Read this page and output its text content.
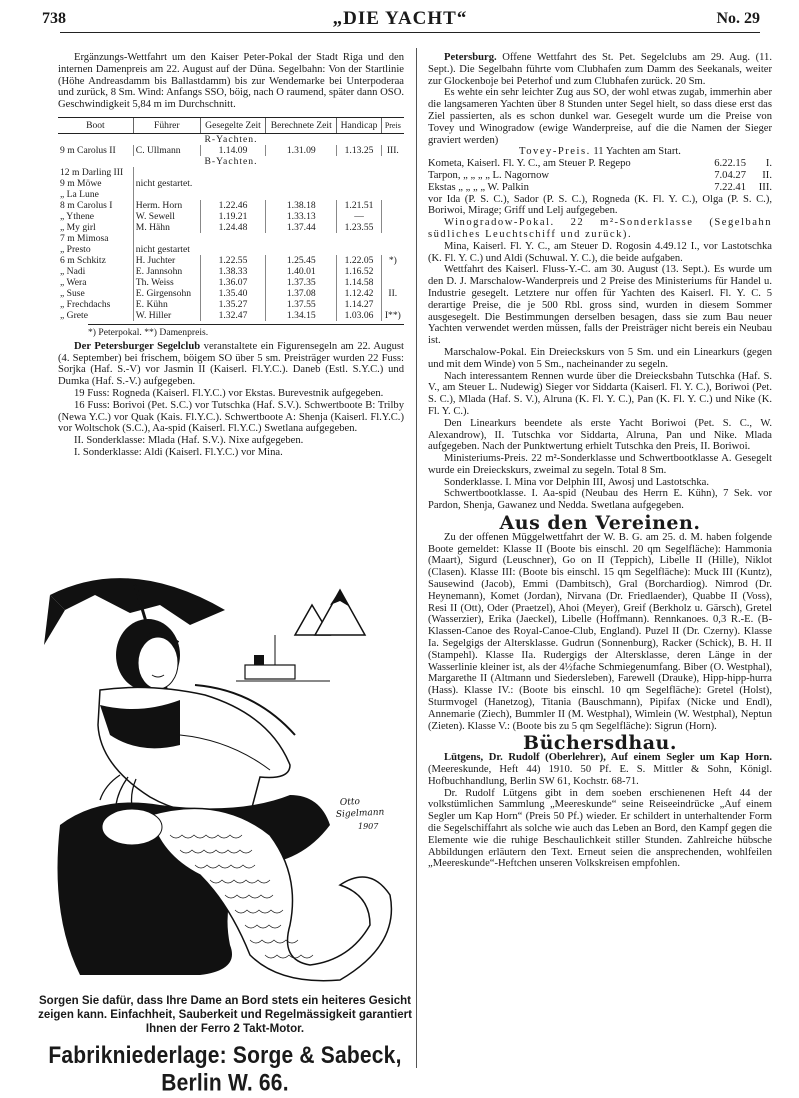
738	„DIE YACHT“	No. 29

Ergänzungs-Wettfahrt um den Kaiser Peter-Pokal der Stadt Riga und den internen Damenpreis am 22. August auf der Düna. Segelbahn: Von der Startlinie (Höhe Andreasdamm bis Ballastdamm) bis zur Wendemarke bei Unterpoderaa und zurück, 8 Sm. Wind: Anfangs SSO, böig, nach O raumend, später dann OSO. Geschwindigkeit 5,84 m im Durchschnitt.

Boot	Führer	Gesegelte Zeit	Berechnete Zeit	Handicap	Preis
R-Yachten.					
9 m Carolus II	C. Ullmann	1.14.09	1.31.09	1.13.25	III.
B-Yachten.					
12 m Darling III					
9 m Möwe	nicht gestartet.				
„ La Lune					
8 m Carolus I	Herm. Horn	1.22.46	1.38.18	1.21.51	
„ Ythene	W. Sewell	1.19.21	1.33.13	—	
„ My girl	M. Hähn	1.24.48	1.37.44	1.23.55	
7 m Mimosa					
„ Presto	nicht gestartet				
6 m Schkitz	H. Juchter	1.22.55	1.25.45	1.22.05	*)
„ Nadi	E. Jannsohn	1.38.33	1.40.01	1.16.52	
„ Wera	Th. Weiss	1.36.07	1.37.35	1.14.58	
„ Suse	E. Girgensohn	1.35.40	1.37.08	1.12.42	II.
„ Frechdachs	E. Kühn	1.35.27	1.37.55	1.14.27	
„ Grete	W. Hiller	1.32.47	1.34.15	1.03.06	I**)
*) Peterpokal. **) Damenpreis.

Der Petersburger Segelclub veranstaltete ein Figurensegeln am 22. August (4. September) bei frischem, böigem SO über 5 sm. Preisträger wurden 22 Fuss: Sorjka (Haf. S.-V) vor Jasmin II (Kaiserl. Fl.Y.C.). Daneb (Estl. S.Y.C.) und Dumka (Haf. S.-V.) aufgegeben.

19 Fuss: Rogneda (Kaiserl. Fl.Y.C.) vor Ekstas. Burevestnik aufgegeben.

16 Fuss: Borivoi (Pet. S.C.) vor Tutschka (Haf. S.V.). Schwertboote B: Trilby (Newa Y.C.) vor Quak (Kais. Fl.Y.C.). Schwertboote A: Shenja (Kaiserl. Fl.Y.C.) vor Woltschok (S.C.), Aa-spid (Kaiserl. Fl.Y.C.) Swetlana aufgegeben.

II. Sonderklasse: Mlada (Haf. S.V.). Nixe aufgegeben.

I. Sonderklasse: Aldi (Kaiserl. Fl.Y.C.) vor Mina.

Otto
Sigelmann
1907
Sorgen Sie dafür, dass Ihre Dame an Bord stets ein heiteres Gesicht zeigen kann. Einfachheit, Sauberkeit und Regelmässigkeit garantiert Ihnen der Ferro 2 Takt-Motor.
Fabrikniederlage: Sorge & Sabeck, Berlin W. 66.

Petersburg. Offene Wettfahrt des St. Pet. Segelclubs am 29. Aug. (11. Sept.). Die Segelbahn führte vom Clubhafen zum Damm des Seekanals, weiter zur Glockenboje bei Peterhof und zum Clubhafen zurück. 20 Sm.

Es wehte ein sehr leichter Zug aus SO, der wohl etwas zugab, immerhin aber die langsameren Yachten über 8 Stunden unter Segel hielt, so dass diese erst das Ziel passierten, als es schon dunkel war. Gesegelt wurde um die Preise von Tovey und Winogradow (ewige Wanderpreise, auf die die Namen der Sieger graviert werden)

Tovey-Preis. 11 Yachten am Start.

Kometa, Kaiserl. Fl. Y. C., am Steuer P. Regepo	6.22.15	I.
Tarpon, „ „ „ „ L. Nagornow	7.04.27	II.
Ekstas „ „ „ „ W. Palkin	7.22.41	III.

vor Ida (P. S. C.), Sador (P. S. C.), Rogneda (K. Fl. Y. C.), Olga (P. S. C.), Boriwoi, Mirage; Griff und Lelj aufgegeben.

Winogradow-Pokal. 22 m²-Sonderklasse (Segelbahn südliches Leuchtschiff und zurück).

Mina, Kaiserl. Fl. Y. C., am Steuer D. Rogosin 4.49.12 I., vor Lastotschka (K. Fl. Y. C.) und Aldi (Schuwal. Y. C.), die beide aufgaben.

Wettfahrt des Kaiserl. Fluss-Y.-C. am 30. August (13. Sept.). Es wurde um den D. J. Marschalow-Wanderpreis und 2 Preise des Ministeriums für Handel u. Industrie gesegelt. Letztere nur offen für Yachten des Kaiserl. Fl. Y. C. 5 derartige Preise, die je 500 Rbl. gross sind, wurden in diesem Sommer ausgesegelt. Die Bestimmungen derselben besagen, dass sie zum Bau neuer Yachten verwendet werden müssen, falls der Preisträger nicht bereis ein Neubau ist.

Marschalow-Pokal. Ein Dreieckskurs von 5 Sm. und ein Linearkurs (gegen und mit dem Winde) von 5 Sm., nacheinander zu segeln.

Nach interessantem Rennen wurde über die Dreiecksbahn Tutschka (Haf. S. V., am Steuer L. Nudewig) Sieger vor Siddarta (Kaiserl. Fl. Y. C.), Boriwoi (Pet. S. C.), Mlada (Haf. S. V.), Alruna (K. Fl. Y. C.), Pan (K. Fl. Y. C.) und Nike (K. Fl. Y. C.).

Den Linearkurs beendete als erste Yacht Boriwoi (Pet. S. C., W. Alexandrow), II. Tutschka vor Siddarta, Alruna, Pan und Nike. Mlada aufgegeben. Nach der Punktwertung erhielt Tutschka den Preis, II. Boriwoi.

Ministeriums-Preis. 22 m²-Sonderklasse und Schwertbootklasse A. Gesegelt wurde ein Dreieckskurs, zweimal zu segeln. Total 8 Sm.

Sonderklasse. I. Mina vor Delphin III, Awosj und Lastotschka.

Schwertbootklasse. I. Aa-spid (Neubau des Herrn E. Kühn), 7 Sek. vor Pardon, Shenja, Gawanez und Nedda. Swetlana aufgegeben.

Aus den Vereinen.

Zu der offenen Müggelwettfahrt der W. B. G. am 25. d. M. haben folgende Boote gemeldet: Klasse II (Boote bis einschl. 20 qm Segelfläche): Hammonia (Maart), Sigurd (Leuschner), Go on II (Teppich), Libelle II (Hille), Niklot (Clasen). Klasse III: (Boote bis einschl. 15 qm Segelfläche): Muck III (Kuntz), Sausewind (Jacob), Emmi (Dambitsch), Gral (Borchardiog). Nimrod (Dr. Heynemann), Komet (Jordan), Nirvana (Dr. Friedlaender), Quabbe II (Voss), Resi II (Ott), Oder (Praetzel), Ahoi (Meyer), Greif (Berkholz u. Gärsch), Gretel (Wasserzier), Erika (Jaeckel), Libelle (Hoffmann). Rennkanoes. 0,3 R.-E. (B-Klassen-Canoe des Royal-Canoe-Club, England). Puzel II (Dr. Czerny). Klasse Ia. Segelgigs der Altersklasse. Gudrun (Sonnenburg), Racker (Schick), B. H. II (Stampehl). Klasse IIa. Rudergigs der Altersklasse, deren Länge in der Wasserlinie kleiner ist, als der 4½fache Schmiegenumfang. Biber (O. Westphal), Margarethe II (Altmann und Siedersleben), Farewell (Drauke), Hipp-hipp-hurra (Hass). Klasse IV.: (Boote bis einschl. 10 qm Segelfläche): Gretel (Holst), Sturmvogel (Hanetzog), Titania (Bauschmann), Pipifax (Nicke und Endl), Annemarie (Ziech), Bummler II (M. Westphal), Wimlein (W. Westphal), Neptun (Zieten). Klasse V.: (Boote bis zu 5 qm Segelfläche): Sigrun (Horn).

Büchersdhau.

Lütgens, Dr. Rudolf (Oberlehrer), Auf einem Segler um Kap Horn. (Meereskunde, Heft 44) 1910. 50 Pf. E. S. Mittler & Sohn, Königl. Hofbuchhandlung, Berlin SW 61, Kochstr. 68-71.

Dr. Rudolf Lütgens gibt in dem soeben erschienenen Heft 44 der volkstümlichen Sammlung „Meereskunde“ seine Reiseeindrücke „Auf einem Segler um Kap Horn“ (Preis 50 Pf.) wieder. Er schildert in unterhaltender Form die Segelschiffahrt als solche wie auch das Leben an Bord, den Kampf gegen die Elemente wie die ruhige Beschaulichkeit stiller Stunden. Zahlreiche hübsche Abbildungen erläutern den Text. Erneut seien die ansprechenden, wohlfeilen „Meereskunde“-Heftchen unseren Volkskreisen empfohlen.
